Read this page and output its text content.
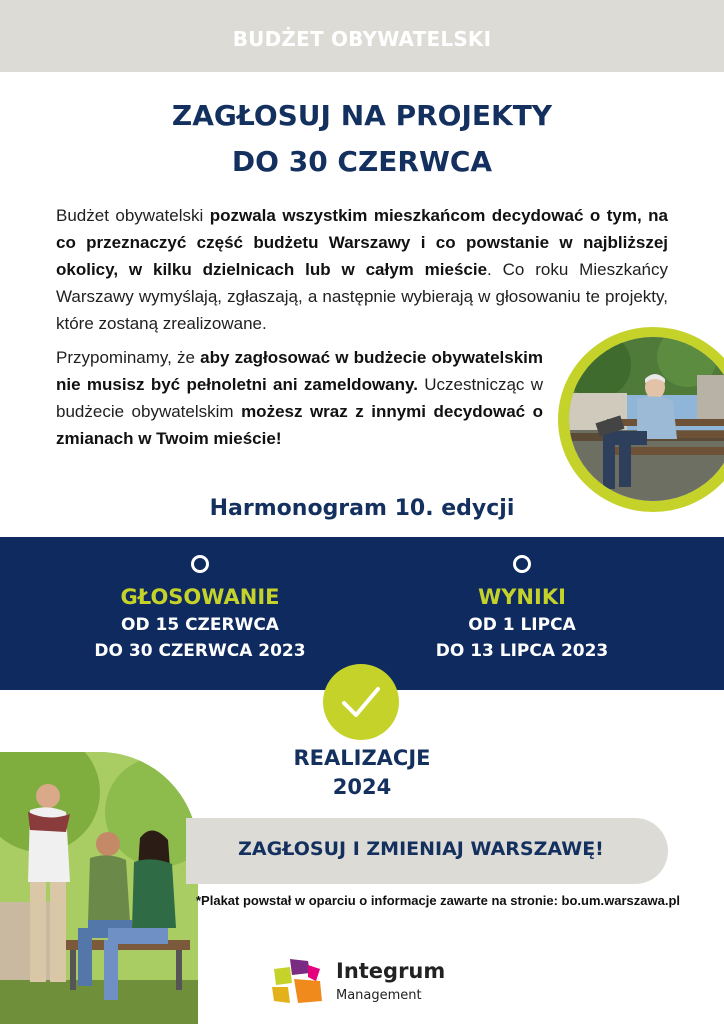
BUDŻET OBYWATELSKI
ZAGŁOSUJ NA PROJEKTY
DO 30 CZERWCA

Budżet obywatelski pozwala wszystkim mieszkańcom decydować o tym, na co przeznaczyć część budżetu Warszawy i co powstanie w najbliższej okolicy, w kilku dzielnicach lub w całym mieście. Co roku Mieszkańcy Warszawy wymyślają, zgłaszają, a następnie wybierają w głosowaniu te projekty, które zostaną zrealizowane.

Przypominamy, że aby zagłosować w budżecie obywatelskim nie musisz być pełnoletni ani zameldowany. Uczestnicząc w budżecie obywatelskim możesz wraz z innymi decydować o zmianach w Twoim mieście!

Harmonogram 10. edycji
GŁOSOWANIE
OD 15 CZERWCA
DO 30 CZERWCA 2023
WYNIKI
OD 1 LIPCA
DO 13 LIPCA 2023
REALIZACJE
2024
ZAGŁOSUJ I ZMIENIAJ WARSZAWĘ!
*Plakat powstał w oparciu o informacje zawarte na stronie: bo.um.warszawa.pl
Integrum
Management
